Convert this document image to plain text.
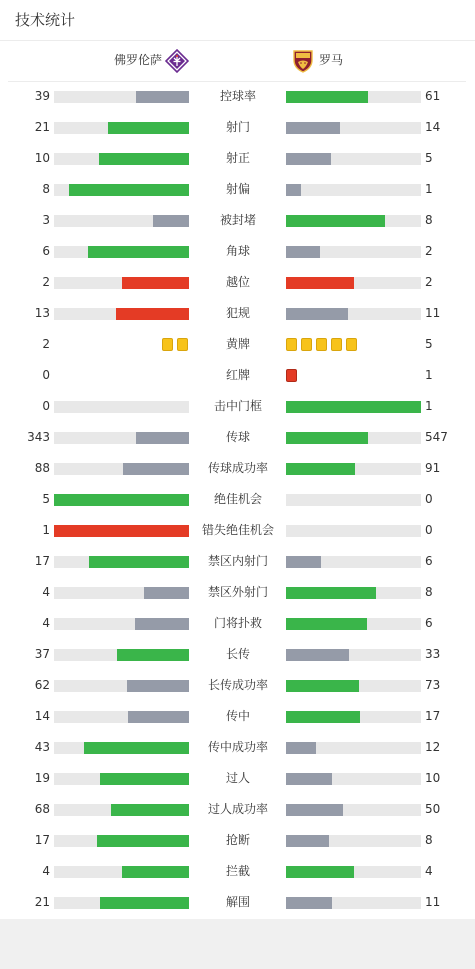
技术统计
佛罗伦萨	罗马
39	控球率	61
21	射门	14
10	射正	5
8	射偏	1
3	被封堵	8
6	角球	2
2	越位	2
13	犯规	11
2	黄牌	5
0	红牌	1
0	击中门框	1
343	传球	547
88	传球成功率	91
5	绝佳机会	0
1	错失绝佳机会	0
17	禁区内射门	6
4	禁区外射门	8
4	门将扑救	6
37	长传	33
62	长传成功率	73
14	传中	17
43	传中成功率	12
19	过人	10
68	过人成功率	50
17	抢断	8
4	拦截	4
21	解围	11
